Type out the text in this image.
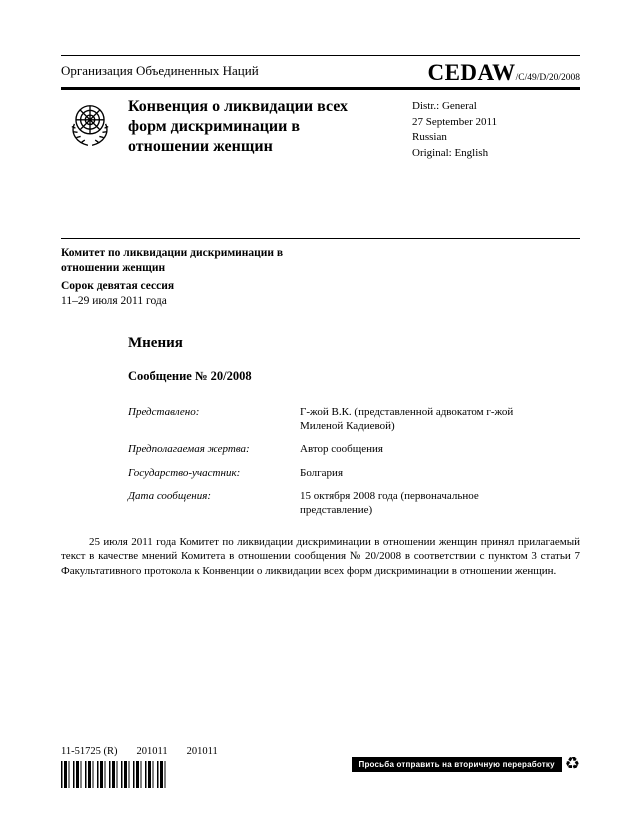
Организация Объединенных Наций	CEDAW/C/49/D/20/2008
Конвенция о ликвидации всех форм дискриминации в отношении женщин
Distr.: General
27 September 2011
Russian
Original: English
Комитет по ликвидации дискриминации в отношении женщин
Сорок девятая сессия
11–29 июля 2011 года
Мнения
Сообщение № 20/2008
Представлено:	Г-жой В.К. (представленной адвокатом г-жой Миленой Кадиевой)
Предполагаемая жертва:	Автор сообщения
Государство-участник:	Болгария
Дата сообщения:	15 октября 2008 года (первоначальное представление)
25 июля 2011 года Комитет по ликвидации дискриминации в отношении женщин принял прилагаемый текст в качестве мнений Комитета в отношении сообщения № 20/2008 в соответствии с пунктом 3 статьи 7 Факультативного протокола к Конвенции о ликвидации всех форм дискриминации в отношении женщин.
11-51725 (R) 201011 201011
Просьба отправить на вторичную переработку ♻
